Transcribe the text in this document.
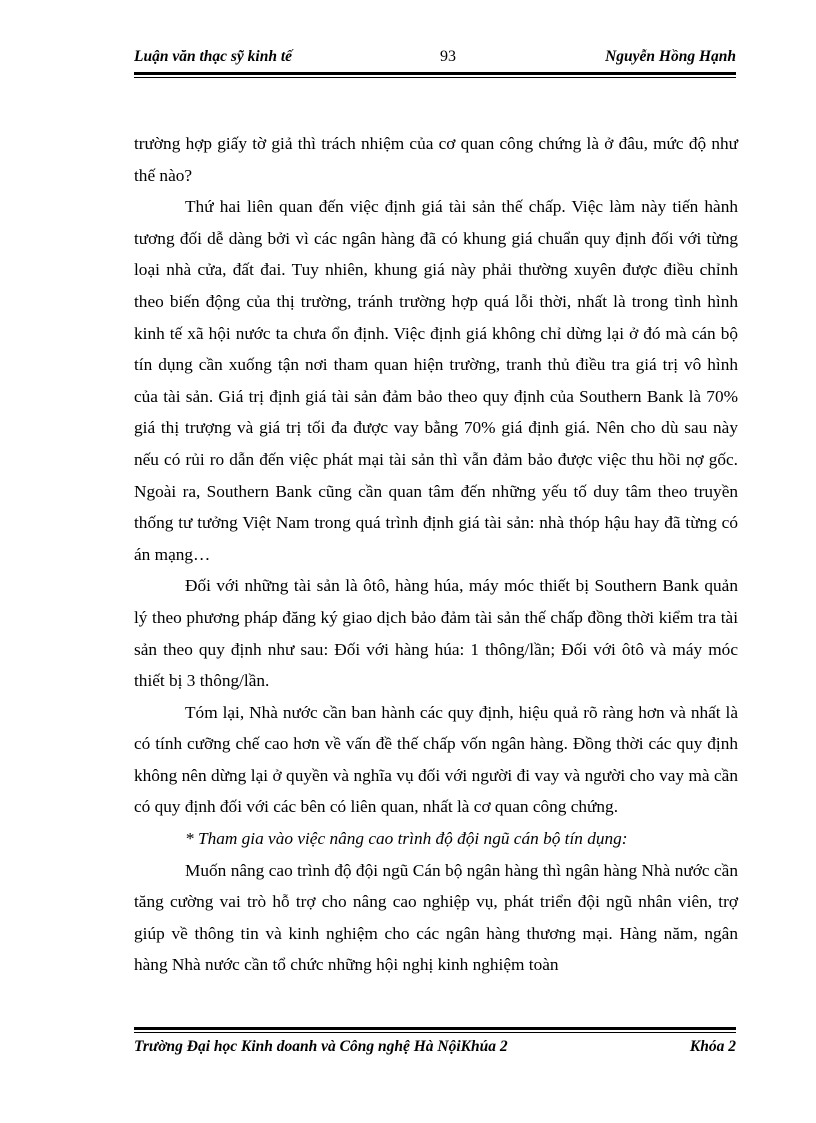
Luận văn thạc sỹ kinh tế	93	Nguyễn Hồng Hạnh

trường hợp giấy tờ giả thì trách nhiệm của cơ quan công chứng là ở đâu, mức độ như thế nào?

Thứ hai liên quan đến việc định giá tài sản thế chấp. Việc làm này tiến hành tương đối dễ dàng bởi vì các ngân hàng đã có khung giá chuẩn quy định đối với từng loại nhà cửa, đất đai. Tuy nhiên, khung giá này phải thường xuyên được điều chỉnh theo biến động của thị trường, tránh trường hợp quá lỗi thời, nhất là trong tình hình kinh tế xã hội nước ta chưa ổn định. Việc định giá không chỉ dừng lại ở đó mà cán bộ tín dụng cần xuống tận nơi tham quan hiện trường, tranh thủ điều tra giá trị vô hình của tài sản. Giá trị định giá tài sản đảm bảo theo quy định của Southern Bank là 70% giá thị trượng và giá trị tối đa được vay bằng 70% giá định giá. Nên cho dù sau này nếu có rủi ro dẫn đến việc phát mại tài sản thì vẫn đảm bảo được việc thu hồi nợ gốc. Ngoài ra, Southern Bank cũng cần quan tâm đến những yếu tố duy tâm theo truyền thống tư tưởng Việt Nam trong quá trình định giá tài sản: nhà thóp hậu hay đã từng có án mạng…

Đối với những tài sản là ôtô, hàng húa, máy móc thiết bị Southern Bank quản lý theo phương pháp đăng ký giao dịch bảo đảm tài sản thế chấp đồng thời kiểm tra tài sản theo quy định như sau: Đối với hàng húa: 1 thông/lần; Đối với ôtô và máy móc thiết bị 3 thông/lần.

Tóm lại, Nhà nước cần ban hành các quy định, hiệu quả rõ ràng hơn và nhất là có tính cưỡng chế cao hơn về vấn đề thế chấp vốn ngân hàng. Đồng thời các quy định không nên dừng lại ở quyền và nghĩa vụ đối với người đi vay và người cho vay mà cần có quy định đối với các bên có liên quan, nhất là cơ quan công chứng.

* Tham gia vào việc nâng cao trình độ đội ngũ cán bộ tín dụng:

Muốn nâng cao trình độ đội ngũ Cán bộ ngân hàng thì ngân hàng Nhà nước cần tăng cường vai trò hỗ trợ cho nâng cao nghiệp vụ, phát triển đội ngũ nhân viên, trợ giúp về thông tin và kinh nghiệm cho các ngân hàng thương mại. Hàng năm, ngân hàng Nhà nước cần tổ chức những hội nghị kinh nghiệm toàn

Trường Đại học Kinh doanh và Công nghệ Hà NộiKhúa 2	Khóa 2
